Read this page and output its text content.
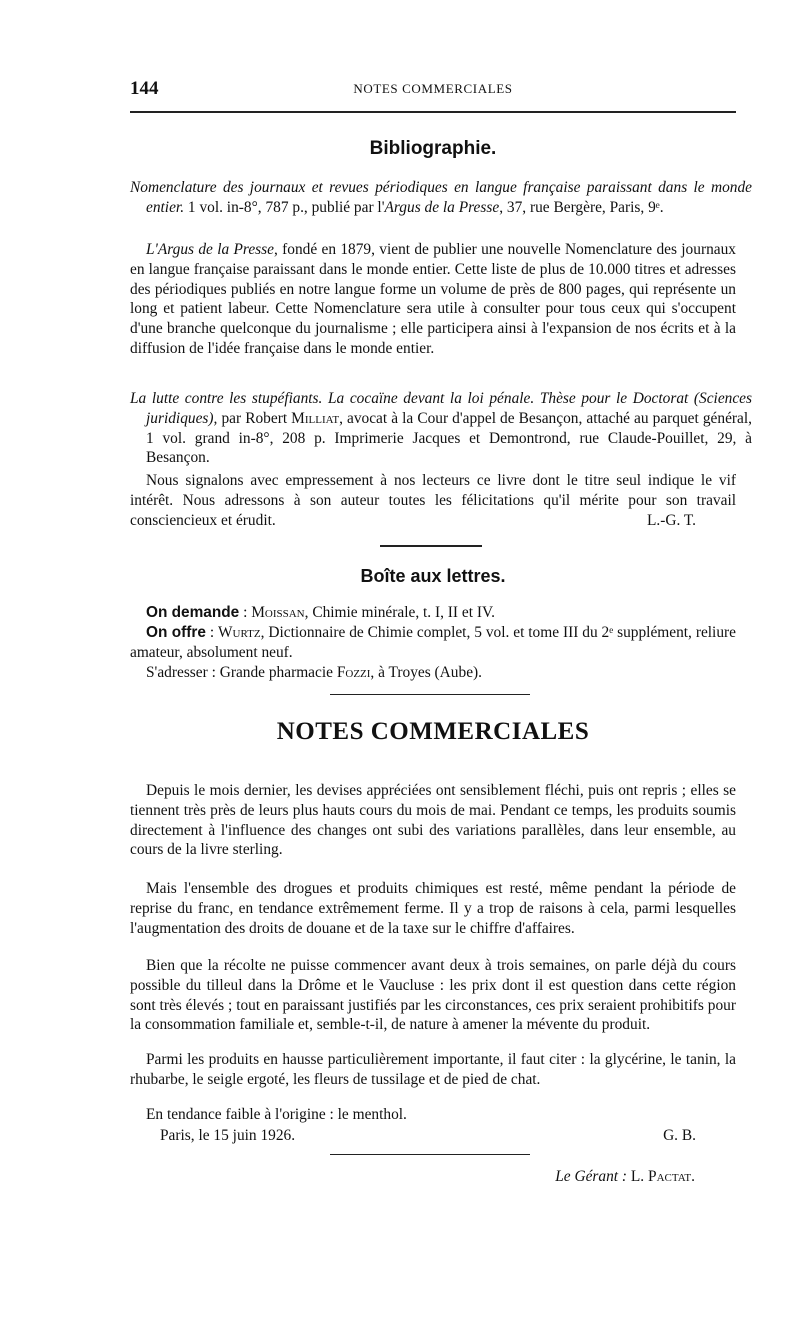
144	NOTES COMMERCIALES
Bibliographie.
Nomenclature des journaux et revues périodiques en langue française paraissant dans le monde entier. 1 vol. in-8°, 787 p., publié par l'Argus de la Presse, 37, rue Bergère, Paris, 9ᵉ.
L'Argus de la Presse, fondé en 1879, vient de publier une nouvelle Nomenclature des journaux en langue française paraissant dans le monde entier. Cette liste de plus de 10.000 titres et adresses des périodiques publiés en notre langue forme un volume de près de 800 pages, qui représente un long et patient labeur. Cette Nomenclature sera utile à consulter pour tous ceux qui s'occupent d'une branche quelconque du journalisme ; elle participera ainsi à l'expansion de nos écrits et à la diffusion de l'idée française dans le monde entier.
La lutte contre les stupéfiants. La cocaïne devant la loi pénale. Thèse pour le Doctorat (Sciences juridiques), par Robert Milliat, avocat à la Cour d'appel de Besançon, attaché au parquet général, 1 vol. grand in-8°, 208 p. Imprimerie Jacques et Demontrond, rue Claude-Pouillet, 29, à Besançon.
Nous signalons avec empressement à nos lecteurs ce livre dont le titre seul indique le vif intérêt. Nous adressons à son auteur toutes les félicitations qu'il mérite pour son travail consciencieux et érudit.	L.-G. T.
Boîte aux lettres.
On demande : Moissan, Chimie minérale, t. I, II et IV.
On offre : Wurtz, Dictionnaire de Chimie complet, 5 vol. et tome III du 2ᵉ supplément, reliure amateur, absolument neuf.
S'adresser : Grande pharmacie Fozzi, à Troyes (Aube).
NOTES COMMERCIALES
Depuis le mois dernier, les devises appréciées ont sensiblement fléchi, puis ont repris ; elles se tiennent très près de leurs plus hauts cours du mois de mai. Pendant ce temps, les produits soumis directement à l'influence des changes ont subi des variations parallèles, dans leur ensemble, au cours de la livre sterling.
Mais l'ensemble des drogues et produits chimiques est resté, même pendant la période de reprise du franc, en tendance extrêmement ferme. Il y a trop de raisons à cela, parmi lesquelles l'augmentation des droits de douane et de la taxe sur le chiffre d'affaires.
Bien que la récolte ne puisse commencer avant deux à trois semaines, on parle déjà du cours possible du tilleul dans la Drôme et le Vaucluse : les prix dont il est question dans cette région sont très élevés ; tout en paraissant justifiés par les circonstances, ces prix seraient prohibitifs pour la consommation familiale et, semble-t-il, de nature à amener la mévente du produit.
Parmi les produits en hausse particulièrement importante, il faut citer : la glycérine, le tanin, la rhubarbe, le seigle ergoté, les fleurs de tussilage et de pied de chat.
En tendance faible à l'origine : le menthol.
Paris, le 15 juin 1926.	G. B.
Le Gérant : L. Pactat.
